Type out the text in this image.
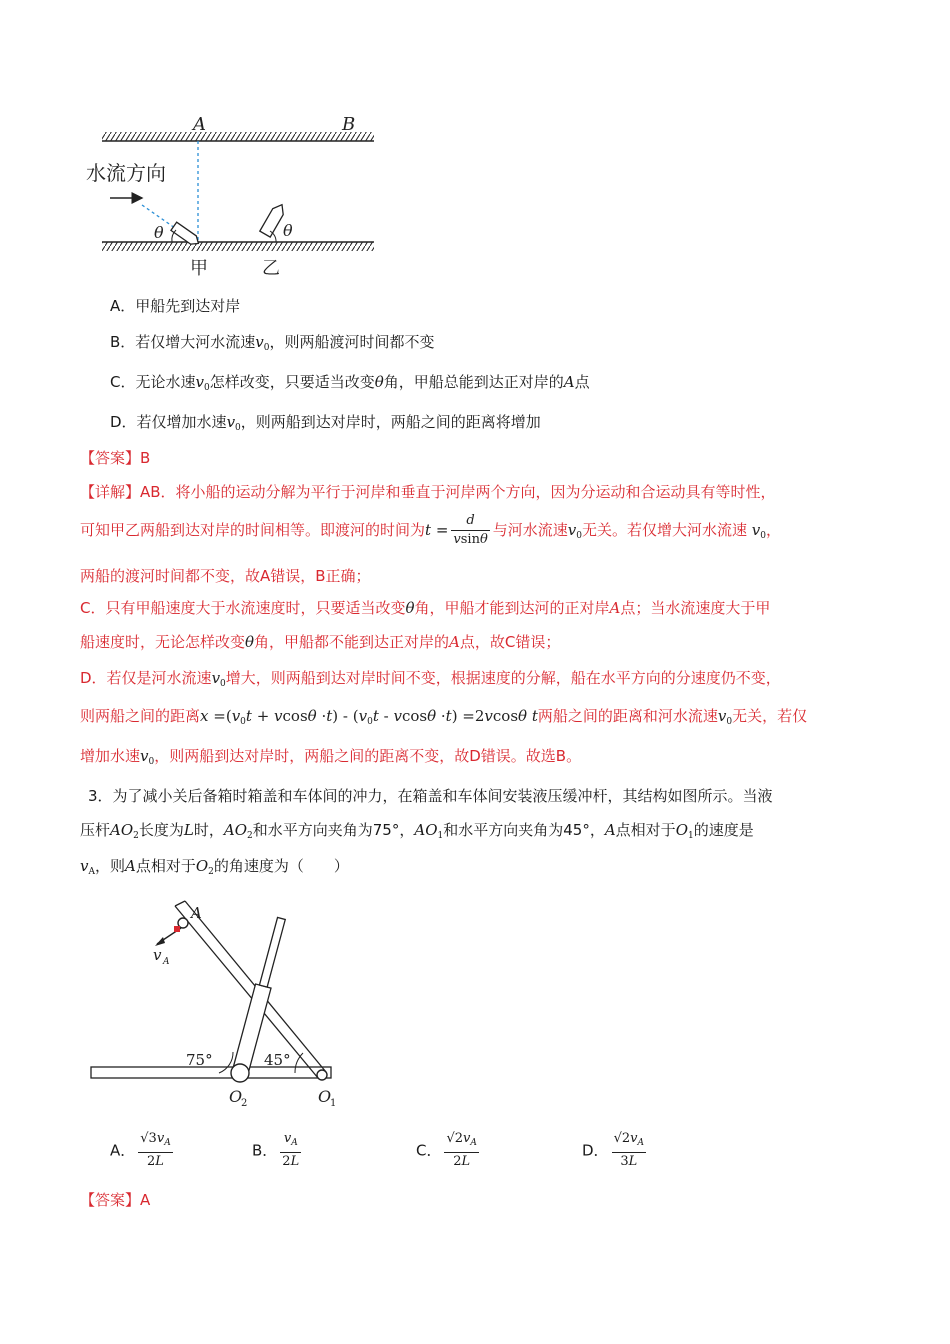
A	B
水流方向
θ	θ
甲	乙
A．甲船先到达对岸
B．若仅增大河水流速$v_0$，则两船渡河时间都不变
C．无论水速$v_0$怎样改变，只要适当改变θ角，甲船总能到达正对岸的A点
D．若仅增加水速$v_0$，则两船到达对岸时，两船之间的距离将增加
【答案】B
【详解】AB．将小船的运动分解为平行于河岸和垂直于河岸两个方向，因为分运动和合运动具有等时性，
可知甲乙两船到达对岸的时间相等。即渡河的时间为$t = \frac{d}{vsin\theta}$ 与河水流速$v_0$无关。若仅增大河水流速 $v_0$，
两船的渡河时间都不变，故A错误，B正确；
C．只有甲船速度大于水流速度时，只要适当改变θ角，甲船才能到达河的正对岸A点；当水流速度大于甲
船速度时，无论怎样改变θ角，甲船都不能到达正对岸的A点，故C错误；
D．若仅是河水流速$v_0$增大，则两船到达对岸时间不变，根据速度的分解，船在水平方向的分速度仍不变，
则两船之间的距离$x =(v_0t + vcos\theta \cdot t) - (v_0t - vcos\theta \cdot t) =2vcos\theta$ t两船之间的距离和河水流速$v_0$无关，若仅
增加水速$v_0$，则两船到达对岸时，两船之间的距离不变，故D错误。故选B。
3．为了减小关后备箱时箱盖和车体间的冲力，在箱盖和车体间安装液压缓冲杆，其结构如图所示。当液
压杆$AO_2$长度为L时，$AO_2$和水平方向夹角为75°，$AO_1$和水平方向夹角为45°，A点相对于$O_1$的速度是
$v_A$，则A点相对于$O_2$的角速度为（　　）
A
v A
75°	45°
O
2	O
1
A． $\frac{√3v_A}{2L}$	B． $\frac{v_A}{2L}$	C． $\frac{√2v_A}{2L}$	D． $\frac{√2v_A}{3L}$
【答案】A
